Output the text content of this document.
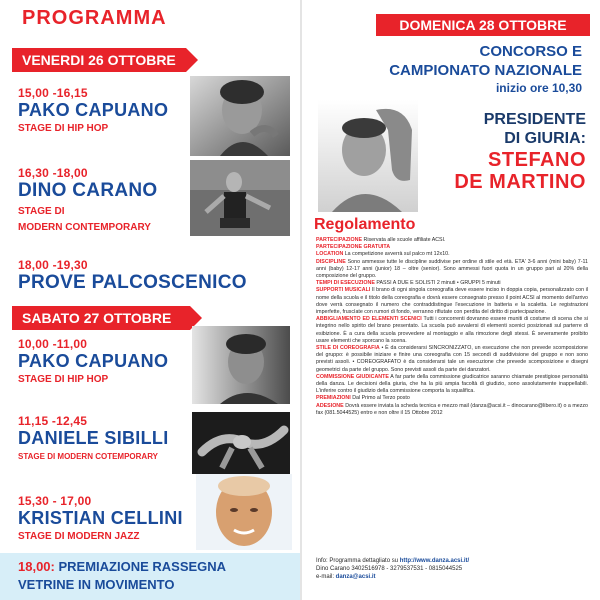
PROGRAMMA
VENERDI 26 OTTOBRE
15,00 -16,15
PAKO CAPUANO
STAGE DI HIP HOP
16,30 -18,00
DINO CARANO
STAGE DI
MODERN CONTEMPORARY
18,00 -19,30
PROVE PALCOSCENICO
SABATO 27 OTTOBRE
10,00 -11,00
PAKO CAPUANO
STAGE DI HIP HOP
11,15 -12,45
DANIELE SIBILLI
STAGE DI MODERN COTEMPORARY
15,30 - 17,00
KRISTIAN CELLINI
STAGE DI MODERN JAZZ
18,00: PREMIAZIONE RASSEGNA
VETRINE IN MOVIMENTO
DOMENICA 28 OTTOBRE
CONCORSO E
CAMPIONATO NAZIONALE
inizio ore 10,30
PRESIDENTE
DI GIURIA:
STEFANO
DE MARTINO
Regolamento
PARTECIPAZIONE Riservata alle scuole affiliate ACSI.
PARTECIPAZIONE GRATUITA
LOCATION La competizione avverrà sul palco mt 12x10.
DISCIPLINE Sono ammesse tutte le discipline suddivise per ordine di stile ed età. ETA' 3-6 anni (mini baby) 7-11 anni (baby) 12-17 anni (junior) 18 – oltre (senior). Sono ammessi fuori quota in un gruppo pari al 20% della composizione del gruppo.
TEMPI DI ESECUZIONE PASSI A DUE E SOLISTI 2 minuti • GRUPPI 5 minuti
SUPPORTI MUSICALI Il brano di ogni singola coreografia deve essere inciso in doppia copia, personalizzato con il nome della scuola e il titolo della coreografia e dovrà essere consegnato presso il point ACSI al momento dell'arrivo dove verrà consegnato il numero che contraddistingue l'esecuzione in batteria e la scaletta. Le registrazioni imperfette, fruscìate con rumori di fondo, verranno rifiutate con perdita del diritto di partecipazione.
ABBIGLIAMENTO ED ELEMENTI SCENICI Tutti i concorrenti dovranno essere muniti di costume di scena che si integrino nello spirito del brano presentato. La scuola può avvalersi di elementi scenici posizionati sul parterre di esibizione. È a cura della scuola provvedere al montaggio e alla rimozione degli stessi. È severamente proibito usare elementi che sporcano la scena.
STILE DI COREOGRAFIA • È da considerarsi SINCRONIZZATO, un esecuzione che non prevede scomposizione del gruppo: è possibile iniziare e finire una coreografia con 15 secondi di suddivisione del gruppo e non sono previsti assoli. • COREOGRAFATO è da considerarsi tale un esecuzione che prevede scomposizione e disegni geometrici da parte del gruppo. Sono previsti assoli da parte dei danzatori.
COMMISSIONE GIUDICANTE A far parte della commissione giudicatrice saranno chiamate prestigiose personalità della danza. Le decisioni della giuria, che ha la più ampia facoltà di giudizio, sono assolutamente inappellabili. L'inferire contro il giudizio della commissione comporta la squalifica.
PREMIAZIONI Dal Primo al Terzo posto
ADESIONE Dovrà essere inviata la scheda tecnica e mezzo mail (danza@acsi.it – dinocarano@libero.it) o a mezzo fax (081.5044525) entro e non oltre il 15 Ottobre 2012
Info: Programma dettagliato su http://www.danza.acsi.it/
Dino Carano 3402516978 - 3279537531 - 0815044525
e-mail: danza@acsi.it
